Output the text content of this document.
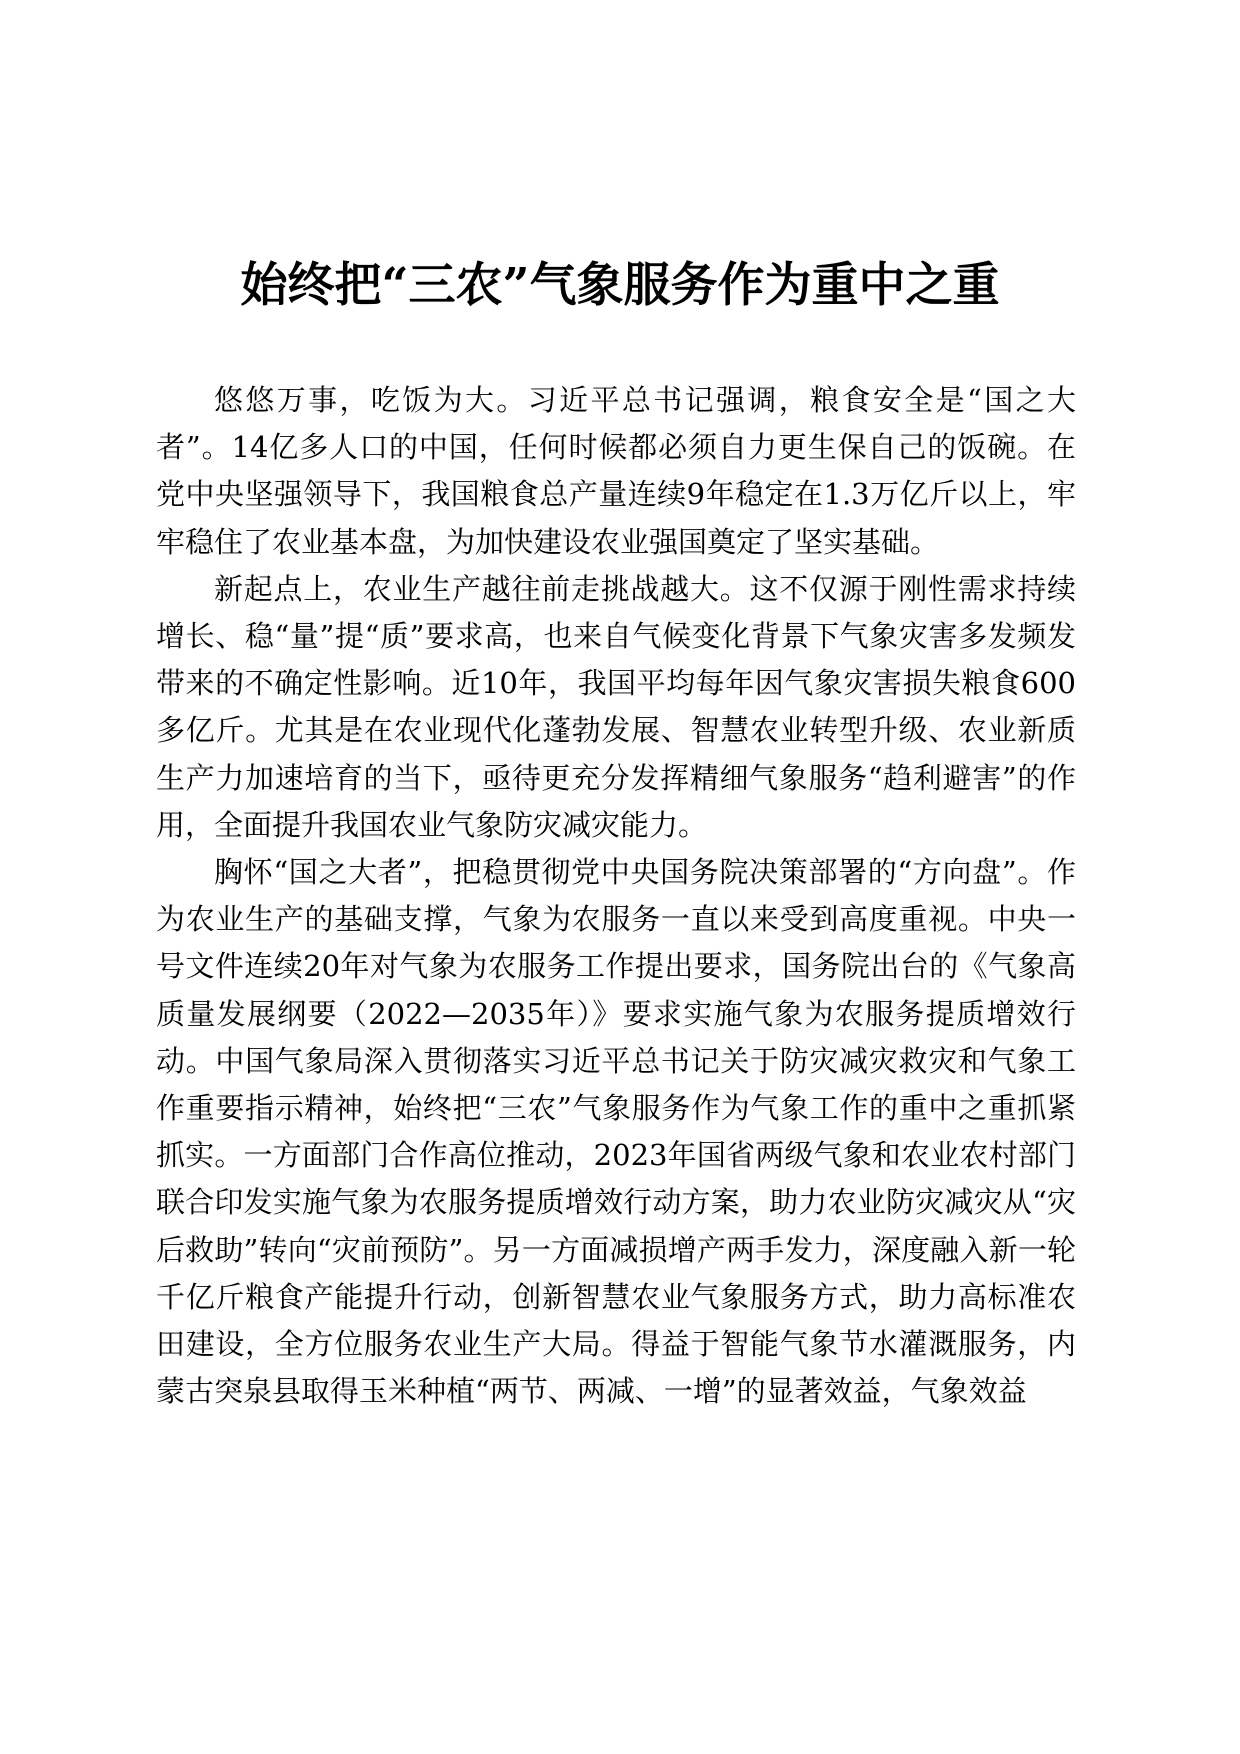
始终把“三农”气象服务作为重中之重

悠悠万事，吃饭为大。习近平总书记强调，粮食安全是“国之大者”。14亿多人口的中国，任何时候都必须自力更生保自己的饭碗。在党中央坚强领导下，我国粮食总产量连续9年稳定在1.3万亿斤以上，牢牢稳住了农业基本盘，为加快建设农业强国奠定了坚实基础。

新起点上，农业生产越往前走挑战越大。这不仅源于刚性需求持续增长、稳“量”提“质”要求高，也来自气候变化背景下气象灾害多发频发带来的不确定性影响。近10年，我国平均每年因气象灾害损失粮食600多亿斤。尤其是在农业现代化蓬勃发展、智慧农业转型升级、农业新质生产力加速培育的当下，亟待更充分发挥精细气象服务“趋利避害”的作用，全面提升我国农业气象防灾减灾能力。

胸怀“国之大者”，把稳贯彻党中央国务院决策部署的“方向盘”。作为农业生产的基础支撑，气象为农服务一直以来受到高度重视。中央一号文件连续20年对气象为农服务工作提出要求，国务院出台的《气象高质量发展纲要（2022—2035年）》要求实施气象为农服务提质增效行动。中国气象局深入贯彻落实习近平总书记关于防灾减灾救灾和气象工作重要指示精神，始终把“三农”气象服务作为气象工作的重中之重抓紧抓实。一方面部门合作高位推动，2023年国省两级气象和农业农村部门联合印发实施气象为农服务提质增效行动方案，助力农业防灾减灾从“灾后救助”转向“灾前预防”。另一方面减损增产两手发力，深度融入新一轮千亿斤粮食产能提升行动，创新智慧农业气象服务方式，助力高标准农田建设，全方位服务农业生产大局。得益于智能气象节水灌溉服务，内蒙古突泉县取得玉米种植“两节、两减、一增”的显著效益，气象效益
